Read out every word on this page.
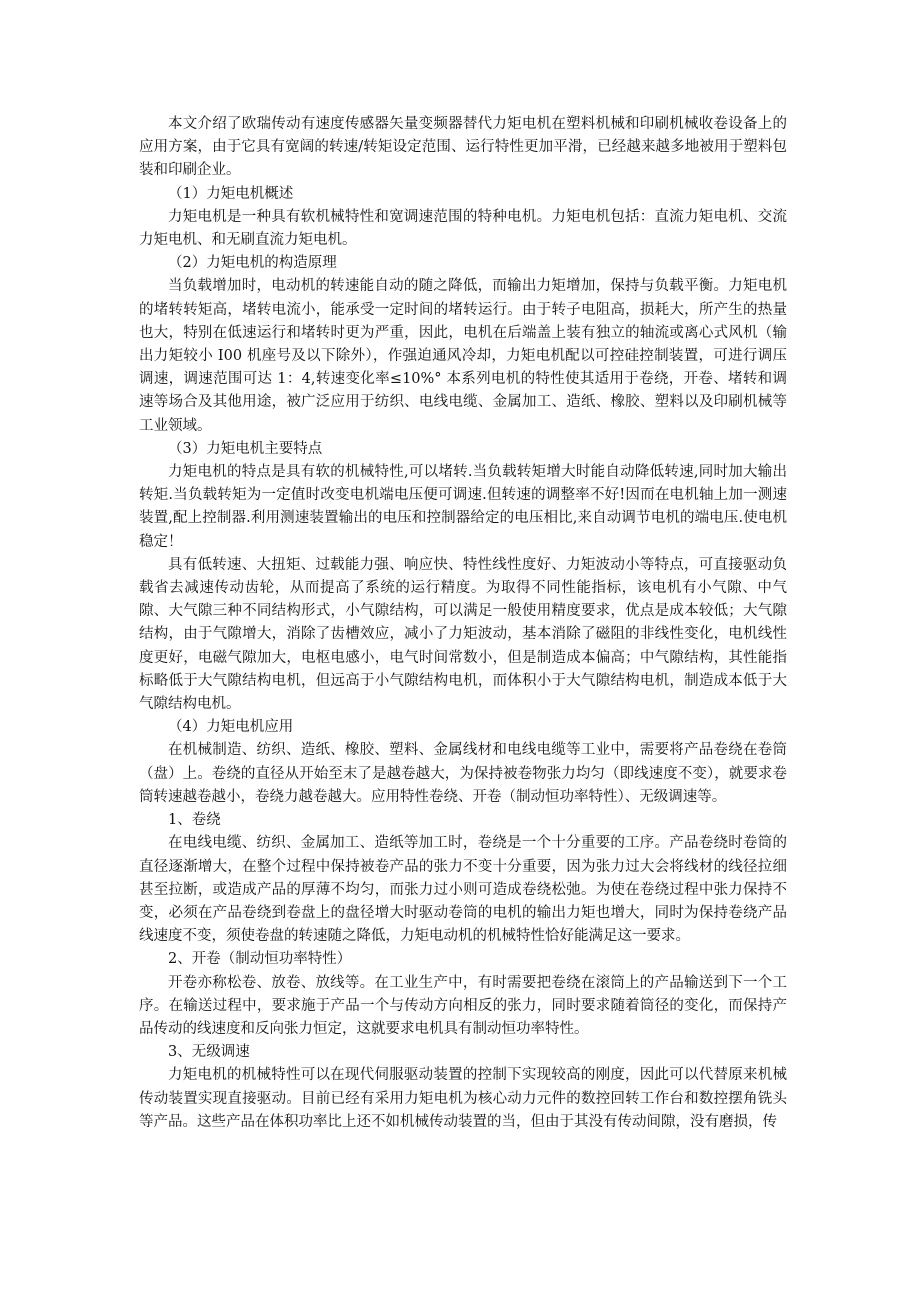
本文介绍了欧瑞传动有速度传感器矢量变频器替代力矩电机在塑料机械和印刷机械收卷设备上的应用方案，由于它具有宽阔的转速/转矩设定范围、运行特性更加平滑，已经越来越多地被用于塑料包装和印刷企业。

（1）力矩电机概述

力矩电机是一种具有软机械特性和宽调速范围的特种电机。力矩电机包括：直流力矩电机、交流力矩电机、和无刷直流力矩电机。

（2）力矩电机的构造原理

当负载增加时，电动机的转速能自动的随之降低，而输出力矩增加，保持与负载平衡。力矩电机的堵转转矩高，堵转电流小，能承受一定时间的堵转运行。由于转子电阻高，损耗大，所产生的热量也大，特别在低速运行和堵转时更为严重，因此，电机在后端盖上装有独立的轴流或离心式风机（输出力矩较小 I00 机座号及以下除外），作强迫通风冷却，力矩电机配以可控硅控制装置，可进行调压调速，调速范围可达 1：4,转速变化率≤10%° 本系列电机的特性使其适用于卷绕，开卷、堵转和调速等场合及其他用途，被广泛应用于纺织、电线电缆、金属加工、造纸、橡胶、塑料以及印刷机械等工业领域。

（3）力矩电机主要特点

力矩电机的特点是具有软的机械特性,可以堵转.当负载转矩增大时能自动降低转速,同时加大输出转矩.当负载转矩为一定值时改变电机端电压便可调速.但转速的调整率不好!因而在电机轴上加一测速装置,配上控制器.利用测速装置输出的电压和控制器给定的电压相比,来自动调节电机的端电压.使电机稳定！

具有低转速、大扭矩、过载能力强、响应快、特性线性度好、力矩波动小等特点，可直接驱动负载省去减速传动齿轮，从而提高了系统的运行精度。为取得不同性能指标，该电机有小气隙、中气隙、大气隙三种不同结构形式，小气隙结构，可以满足一般使用精度要求，优点是成本较低；大气隙结构，由于气隙增大，消除了齿槽效应，减小了力矩波动，基本消除了磁阻的非线性变化，电机线性度更好，电磁气隙加大，电枢电感小，电气时间常数小，但是制造成本偏高；中气隙结构，其性能指标略低于大气隙结构电机，但远高于小气隙结构电机，而体积小于大气隙结构电机，制造成本低于大气隙结构电机。

（4）力矩电机应用

在机械制造、纺织、造纸、橡胶、塑料、金属线材和电线电缆等工业中，需要将产品卷绕在卷筒（盘）上。卷绕的直径从开始至末了是越卷越大，为保持被卷物张力均匀（即线速度不变），就要求卷筒转速越卷越小，卷绕力越卷越大。应用特性卷绕、开卷（制动恒功率特性）、无级调速等。

1、卷绕

在电线电缆、纺织、金属加工、造纸等加工时，卷绕是一个十分重要的工序。产品卷绕时卷筒的直径逐渐增大，在整个过程中保持被卷产品的张力不变十分重要，因为张力过大会将线材的线径拉细甚至拉断，或造成产品的厚薄不均匀，而张力过小则可造成卷绕松弛。为使在卷绕过程中张力保持不变，必须在产品卷绕到卷盘上的盘径增大时驱动卷筒的电机的输出力矩也增大，同时为保持卷绕产品线速度不变，须使卷盘的转速随之降低，力矩电动机的机械特性恰好能满足这一要求。

2、开卷（制动恒功率特性）

开卷亦称松卷、放卷、放线等。在工业生产中，有时需要把卷绕在滚筒上的产品输送到下一个工序。在输送过程中，要求施于产品一个与传动方向相反的张力，同时要求随着筒径的变化，而保持产品传动的线速度和反向张力恒定，这就要求电机具有制动恒功率特性。

3、无级调速

力矩电机的机械特性可以在现代伺服驱动装置的控制下实现较高的刚度，因此可以代替原来机械传动装置实现直接驱动。目前已经有采用力矩电机为核心动力元件的数控回转工作台和数控摆角铣头等产品。这些产品在体积功率比上还不如机械传动装置的当，但由于其没有传动间隙，没有磨损，传
